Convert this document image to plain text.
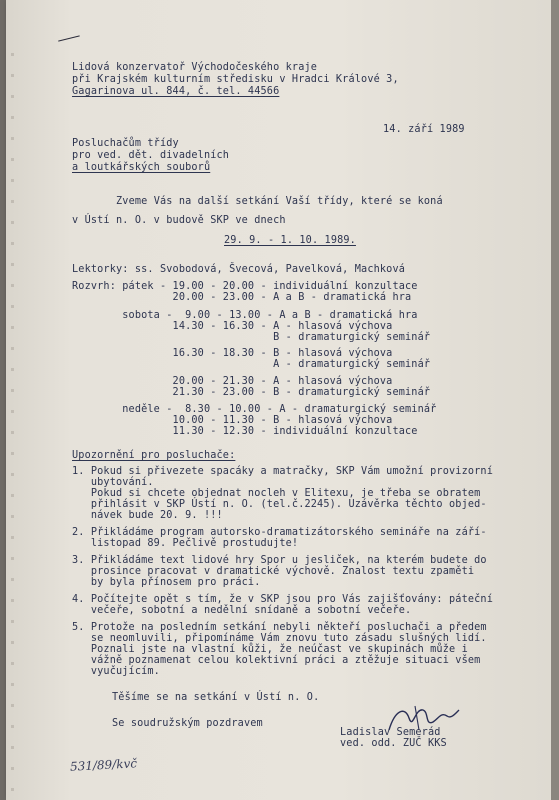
Lidová konzervatoř Východočeského kraje
při Krajském kulturním středisku v Hradci Králové 3,
Gagarinova ul. 844, č. tel. 44566
14. září 1989
Posluchačům třídy
pro ved. dět. divadelních
a loutkářských souborů
Zveme Vás na další setkání Vaší třídy, které se koná
v Ústí n. O. v budově SKP ve dnech
29. 9. - 1. 10. 1989.
Lektorky: ss. Svobodová, Švecová, Pavelková, Machková
Rozvrh: pátek - 19.00 - 20.00 - individuální konzultace
20.00 - 23.00 - A a B - dramatická hra
sobota -  9.00 - 13.00 - A a B - dramatická hra
14.30 - 16.30 - A - hlasová výchova
B - dramaturgický seminář
16.30 - 18.30 - B - hlasová výchova
A - dramaturgický seminář
20.00 - 21.30 - A - hlasová výchova
21.30 - 23.00 - B - dramaturgický seminář
neděle -  8.30 - 10.00 - A - dramaturgický seminář
10.00 - 11.30 - B - hlasová výchova
11.30 - 12.30 - individuální konzultace
Upozornění pro posluchače:
1. Pokud si přivezete spacáky a matračky, SKP Vám umožní provizorní
ubytování.
Pokud si chcete objednat nocleh v Elitexu, je třeba se obratem
přihlásit v SKP Ústí n. O. (tel.č.2245). Uzávěrka těchto objed-
návek bude 20. 9. !!!
2. Přikládáme program autorsko-dramatizátorského semináře na září-
listopad 89. Pečlivě prostudujte!
3. Přikládáme text lidové hry Spor u jesliček, na kterém budete do
prosince pracovat v dramatické výchově. Znalost textu zpaměti
by byla přínosem pro práci.
4. Počítejte opět s tím, že v SKP jsou pro Vás zajišťovány: páteční
večeře, sobotní a nedělní snídaně a sobotní večeře.
5. Protože na posledním setkání nebyli někteří posluchači a předem
se neomluvili, připomínáme Vám znovu tuto zásadu slušných lidí.
Poznali jste na vlastní kůži, že neúčast ve skupinách může i
vážně poznamenat celou kolektivní práci a ztěžuje situaci všem
vyučujícím.
Těšíme se na setkání v Ústí n. O.
Se soudružským pozdravem
Ladislav Semerád
ved. odd. ZUČ KKS
531/89/kvč
